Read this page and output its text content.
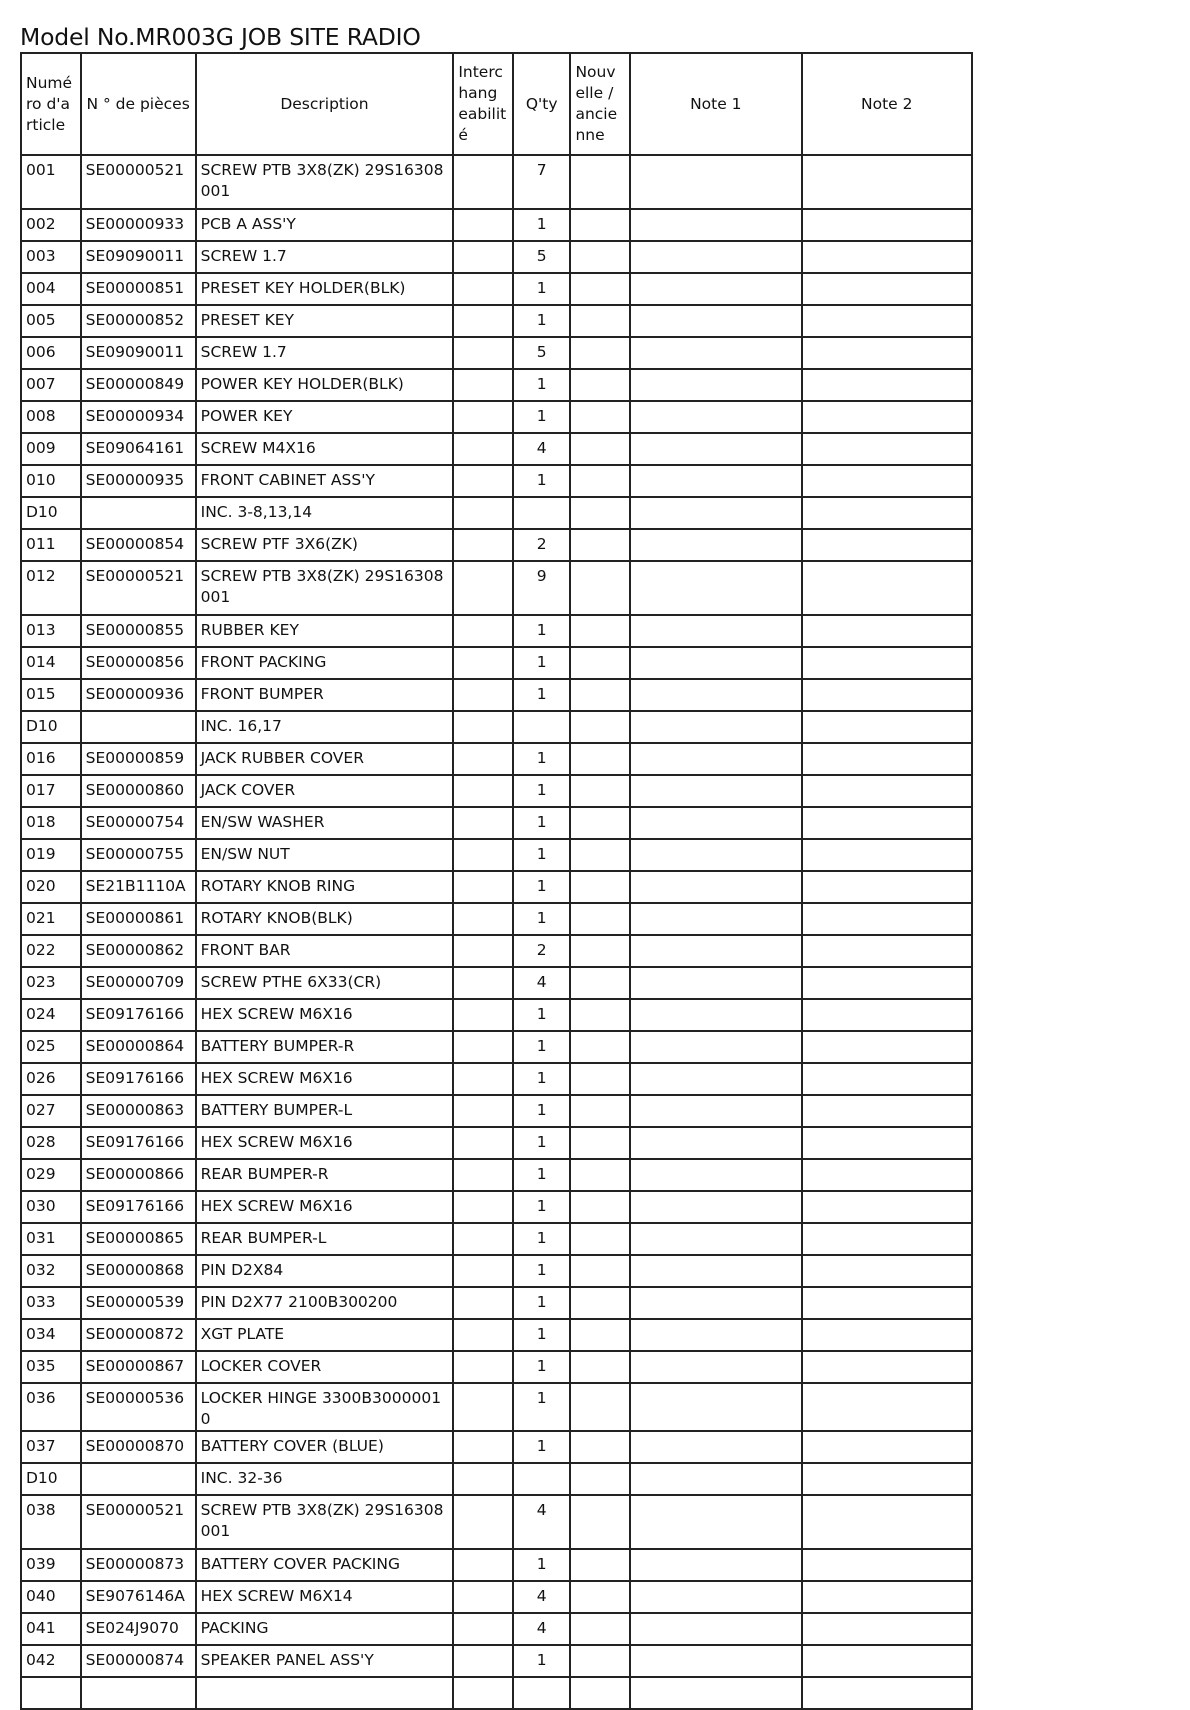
Model No.MR003G JOB SITE RADIO
Numé ro d'a rticle	N ° de pièces	Description	Interc hang eabilit é	Q'ty	Nouv elle / ancie nne	Note 1	Note 2
001	SE00000521	SCREW PTB 3X8(ZK) 29S16308001		7			
002	SE00000933	PCB A ASS'Y		1			
003	SE09090011	SCREW 1.7		5			
004	SE00000851	PRESET KEY HOLDER(BLK)		1			
005	SE00000852	PRESET KEY		1			
006	SE09090011	SCREW 1.7		5			
007	SE00000849	POWER KEY HOLDER(BLK)		1			
008	SE00000934	POWER KEY		1			
009	SE09064161	SCREW M4X16		4			
010	SE00000935	FRONT CABINET ASS'Y		1			
D10		INC. 3-8,13,14					
011	SE00000854	SCREW PTF 3X6(ZK)		2			
012	SE00000521	SCREW PTB 3X8(ZK) 29S16308001		9			
013	SE00000855	RUBBER KEY		1			
014	SE00000856	FRONT PACKING		1			
015	SE00000936	FRONT BUMPER		1			
D10		INC. 16,17					
016	SE00000859	JACK RUBBER COVER		1			
017	SE00000860	JACK COVER		1			
018	SE00000754	EN/SW WASHER		1			
019	SE00000755	EN/SW NUT		1			
020	SE21B1110A	ROTARY KNOB RING		1			
021	SE00000861	ROTARY KNOB(BLK)		1			
022	SE00000862	FRONT BAR		2			
023	SE00000709	SCREW PTHE 6X33(CR)		4			
024	SE09176166	HEX SCREW M6X16		1			
025	SE00000864	BATTERY BUMPER-R		1			
026	SE09176166	HEX SCREW M6X16		1			
027	SE00000863	BATTERY BUMPER-L		1			
028	SE09176166	HEX SCREW M6X16		1			
029	SE00000866	REAR BUMPER-R		1			
030	SE09176166	HEX SCREW M6X16		1			
031	SE00000865	REAR BUMPER-L		1			
032	SE00000868	PIN D2X84		1			
033	SE00000539	PIN D2X77 2100B300200		1			
034	SE00000872	XGT PLATE		1			
035	SE00000867	LOCKER COVER		1			
036	SE00000536	LOCKER HINGE 3300B30000010		1			
037	SE00000870	BATTERY COVER (BLUE)		1			
D10		INC. 32-36					
038	SE00000521	SCREW PTB 3X8(ZK) 29S16308001		4			
039	SE00000873	BATTERY COVER PACKING		1			
040	SE9076146A	HEX SCREW M6X14		4			
041	SE024J9070	PACKING		4			
042	SE00000874	SPEAKER PANEL ASS'Y		1			
